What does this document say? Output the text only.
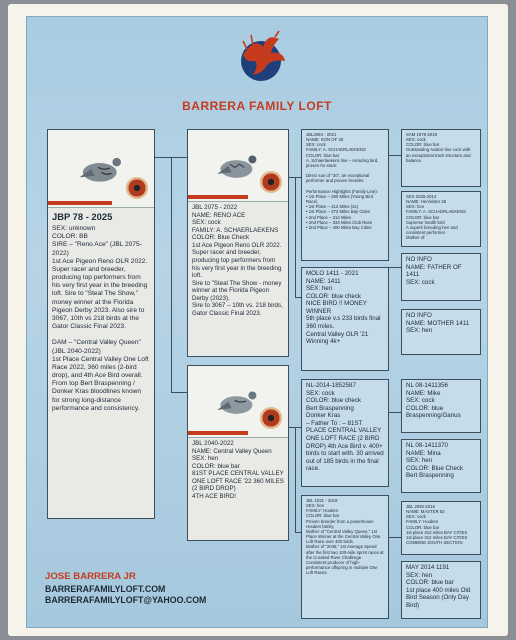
BARRERA FAMILY LOFT
JBP 78 - 2025
SEX: unknown
COLOR: BB
SIRE – "Reno Ace" (JBL 2075-2022)
1st Ace Pigeon Reno OLR 2022. Super racer and breeder, producing top performers from his very first year in the breeding loft. Sire to "Steal The Show," money winner at the Florida Pigeon Derby 2023. Also sire to 3067, 10th vs 218 birds at the Gator Classic Final 2023.

DAM – "Central Valley Queen" (JBL 2040-2022)
1st Place Central Valley One Loft Race 2022, 360 miles (2-bird drop), and 4th Ace Bird overall.
From top Bert Braspenning / Donker Kras bloodlines known for strong long-distance performance and consistency.
JBL 2075 - 2022
NAME: RENO ACE
SEX: cock
FAMILY: A. SCHAERLAEKENS
COLOR: Blue Check
1st Ace Pigeon Reno OLR 2022.
Super racer and breeder, producing top performers from his very first year in the breeding loft.
Sire to "Steal The Show - money winner at the Florida Pigeon Derby (2023).
Sire to 3067 – 10th vs. 218 birds, Gator Classic Final 2023.
JBL 2040-2022
NAME: Central Valley Queen
SEX: hen
COLOR: blue bar
81ST PLACE CENTRAL VALLEY ONE LOFT RACE '22 360 MILES (2 BIRD DROP)
4TH ACE BIRD!
JBL2084 - 2021
NAME: SON OF 20
SEX: cock
FAMILY: A. SCHAERLAEKENS
COLOR: blue bar
A. Schaerlaekens line – Amazing bird, proven for stock.

Direct son of "20", an exceptional performer and proven breeder.

Performance Highlights (Family Line):
• 1st Place – 280 Miles (Young Bird Race)
• 1st Place – 312 Miles (2x)
• 1st Place – 372 Miles Bay Cities
• 2nd Place – 312 Miles
• 2nd Place – 334 Miles Club Race
• 2nd Place – 400 Miles Bay Cities
MOLO 1411 - 2021
NAME: 1411
SEX: hen
COLOR: blue check
NICE BIRD !! MONEY WINNER
5th place v.s 233 birds final 360 miles.
Central Valley OLR '21 Winning 4k+
NL-2014-1852587
SEX: cock
COLOR: blue check
Bert Braspenning
Donker Kras
– Father To : – 81ST PLACE CENTRAL VALLEY ONE LOFT RACE (2 BIRD DROP) 4th Ace Bird v. 400+ birds to start with. 30 arrived out of 185 birds in the final race.
JBL 1031 - 2019
SEX: hen
FAMILY: Houben
COLOR: blue bar
Proven breeder from a powerhouse Houben family.
Mother of "Central Valley Queen," 1st Place Winner at the Central Valley One Loft Race over 400 birds.
Mother of "2045," 1st Average Speed after the first two 100-mile sprint races at the Crooked River Challenge.
Consistent producer of high-performance offspring in multiple One Loft Races.
SAM 1978-2019
SEX: cock
COLOR: blue bar
Outstanding Aviator-line cock with an exceptional track structure and balance.
SEX 2025-2014
NAME: Hen/sister 25
SEX: hen
FAMILY: A. SCHAERLAEKENS
COLOR: blue bar
Supreme health bird
A superb breeding hen and consistent performer
Mother of:
NO INFO
NAME: FATHER OF 1411
SEX: cock
NO INFO
NAME: MOTHER 1411
SEX: hen
NL 08-1411356
NAME: Mike
SEX: cock
COLOR: blue Braspenning/Ganus
NL 08-1411370
NAME: Mina
SEX: hen
COLOR: Blue Check Bert Braspenning
JBL 2092-2016
NAME: MASTER 52
SEX: cock
FAMILY: Houben
COLOR: blue bar
1st place 312 miles BAY CITIES
1st place 312 miles BAY CITIES COMBINE SOUTH SECTION
MAY 2014 1191
SEX: hen
COLOR: blue bar
1st place 400 miles Old Bird Season (Only Day Bird)
JOSE BARRERA JR
BARRERAFAMILYLOFT.COM
BARRERAFAMILYLOFT@YAHOO.COM
